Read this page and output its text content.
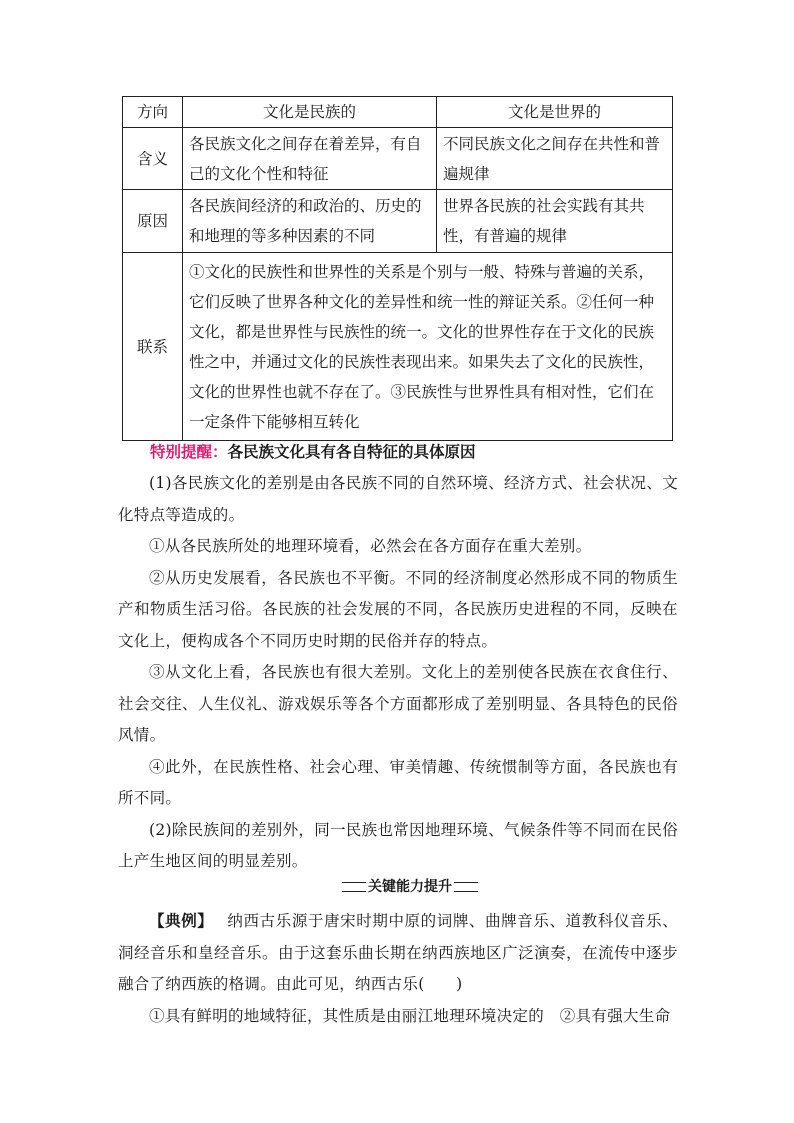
方向	文化是民族的	文化是世界的
含义	各民族文化之间存在着差异，有自己的文化个性和特征	不同民族文化之间存在共性和普遍规律
原因	各民族间经济的和政治的、历史的和地理的等多种因素的不同	世界各民族的社会实践有其共性，有普遍的规律
联系	①文化的民族性和世界性的关系是个别与一般、特殊与普遍的关系，它们反映了世界各种文化的差异性和统一性的辩证关系。②任何一种文化，都是世界性与民族性的统一。文化的世界性存在于文化的民族性之中，并通过文化的民族性表现出来。如果失去了文化的民族性，文化的世界性也就不存在了。③民族性与世界性具有相对性，它们在一定条件下能够相互转化	
特别提醒：各民族文化具有各自特征的具体原因

(1)各民族文化的差别是由各民族不同的自然环境、经济方式、社会状况、文化特点等造成的。

①从各民族所处的地理环境看，必然会在各方面存在重大差别。

②从历史发展看，各民族也不平衡。不同的经济制度必然形成不同的物质生产和物质生活习俗。各民族的社会发展的不同，各民族历史进程的不同，反映在文化上，便构成各个不同历史时期的民俗并存的特点。

③从文化上看，各民族也有很大差别。文化上的差别使各民族在衣食住行、社会交往、人生仪礼、游戏娱乐等各个方面都形成了差别明显、各具特色的民俗风情。

④此外，在民族性格、社会心理、审美情趣、传统惯制等方面，各民族也有所不同。

(2)除民族间的差别外，同一民族也常因地理环境、气候条件等不同而在民俗上产生地区间的明显差别。

关键能力提升

【典例】 纳西古乐源于唐宋时期中原的词牌、曲牌音乐、道教科仪音乐、洞经音乐和皇经音乐。由于这套乐曲长期在纳西族地区广泛演奏，在流传中逐步融合了纳西族的格调。由此可见，纳西古乐(　　)

①具有鲜明的地域特征，其性质是由丽江地理环境决定的　②具有强大生命
